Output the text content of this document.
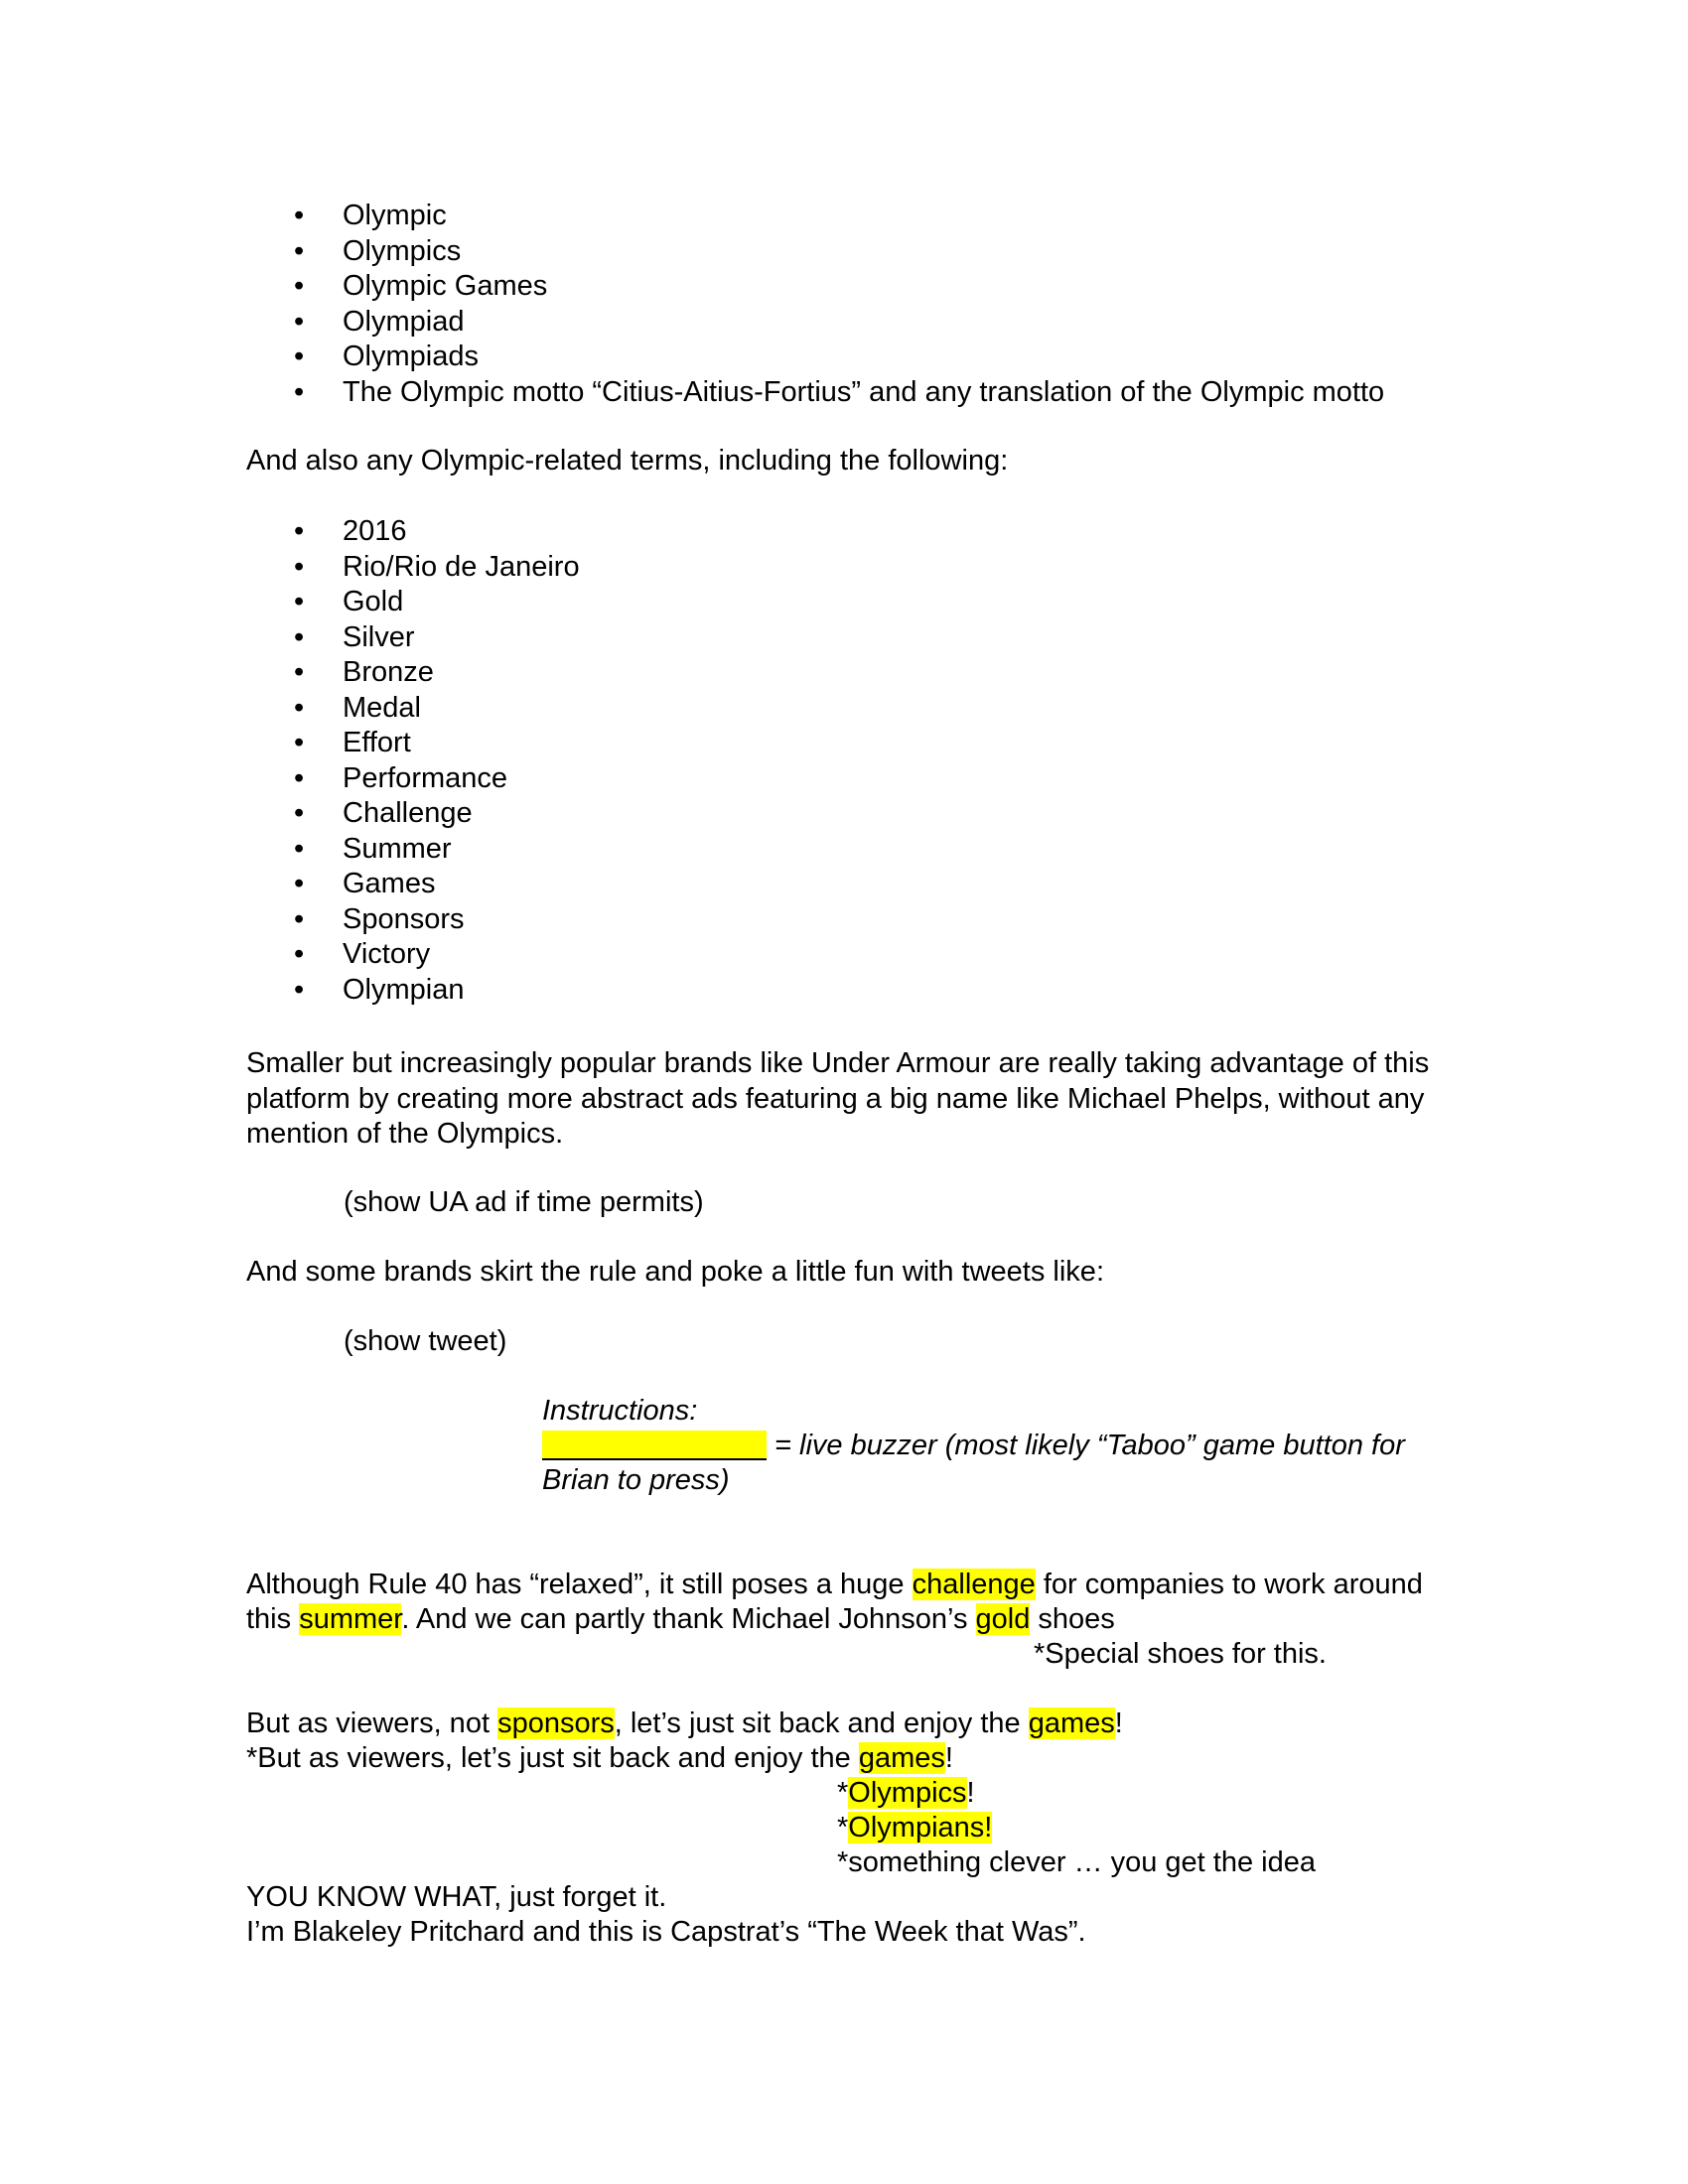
• Olympic
• Olympics
• Olympic Games
• Olympiad
• Olympiads
• The Olympic motto “Citius-Aitius-Fortius” and any translation of the Olympic motto
And also any Olympic-related terms, including the following:
• 2016
• Rio/Rio de Janeiro
• Gold
• Silver
• Bronze
• Medal
• Effort
• Performance
• Challenge
• Summer
• Games
• Sponsors
• Victory
• Olympian
Smaller but increasingly popular brands like Under Armour are really taking advantage of this platform by creating more abstract ads featuring a big name like Michael Phelps, without any mention of the Olympics.
(show UA ad if time permits)
And some brands skirt the rule and poke a little fun with tweets like:
(show tweet)
Instructions:
= live buzzer (most likely “Taboo” game button for
Brian to press)
Although Rule 40 has “relaxed”, it still poses a huge challenge for companies to work around
this summer. And we can partly thank Michael Johnson’s gold shoes
*Special shoes for this.
But as viewers, not sponsors, let’s just sit back and enjoy the games!
*But as viewers, let’s just sit back and enjoy the games!
*Olympics!
*Olympians!
*something clever … you get the idea
YOU KNOW WHAT, just forget it.
I’m Blakeley Pritchard and this is Capstrat’s “The Week that Was”.
